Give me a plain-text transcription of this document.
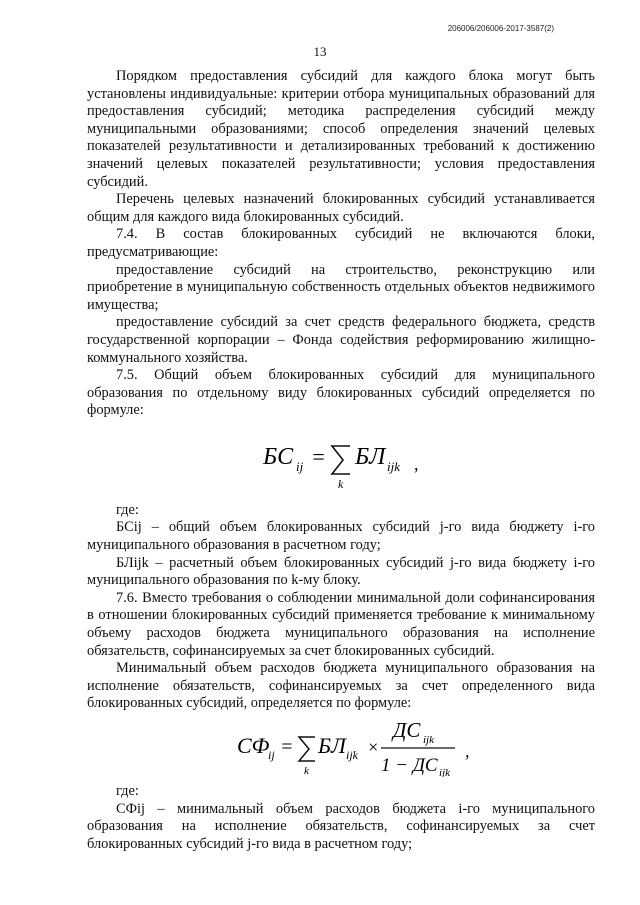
206006/206006-2017-3587(2)
13

Порядком предоставления субсидий для каждого блока могут быть установлены индивидуальные: критерии отбора муниципальных образований для предоставления субсидий; методика распределения субсидий между муниципальными образованиями; способ определения значений целевых показателей результативности и детализированных требований к достижению значений целевых показателей результативности; условия предоставления субсидий.

Перечень целевых назначений блокированных субсидий устанавливается общим для каждого вида блокированных субсидий.

7.4. В состав блокированных субсидий не включаются блоки, предусматривающие:

предоставление субсидий на строительство, реконструкцию или приобретение в муниципальную собственность отдельных объектов недвижимого имущества;

предоставление субсидий за счет средств федерального бюджета, средств государственной корпорации – Фонда содействия реформированию жилищно-коммунального хозяйства.

7.5. Общий объем блокированных субсидий для муниципального образования по отдельному виду блокированных субсидий определяется по формуле:

БС ij =
k
БЛ ijk ,

где:

БСij – общий объем блокированных субсидий j-го вида бюджету i-го муниципального образования в расчетном году;

БЛijk – расчетный объем блокированных субсидий j-го вида бюджету i-го муниципального образования по k-му блоку.

7.6. Вместо требования о соблюдении минимальной доли софинансирования в отношении блокированных субсидий применяется требование к минимальному объему расходов бюджета муниципального образования на исполнение обязательств, софинансируемых за счет блокированных субсидий.

Минимальный объем расходов бюджета муниципального образования на исполнение обязательств, софинансируемых за счет определенного вида блокированных субсидий, определяется по формуле:

СФ
ij =
k
БЛ ijk ×
ДС ijk
1 − ДС ijk
,

где:

СФij – минимальный объем расходов бюджета i-го муниципального образования на исполнение обязательств, софинансируемых за счет блокированных субсидий j-го вида в расчетном году;
